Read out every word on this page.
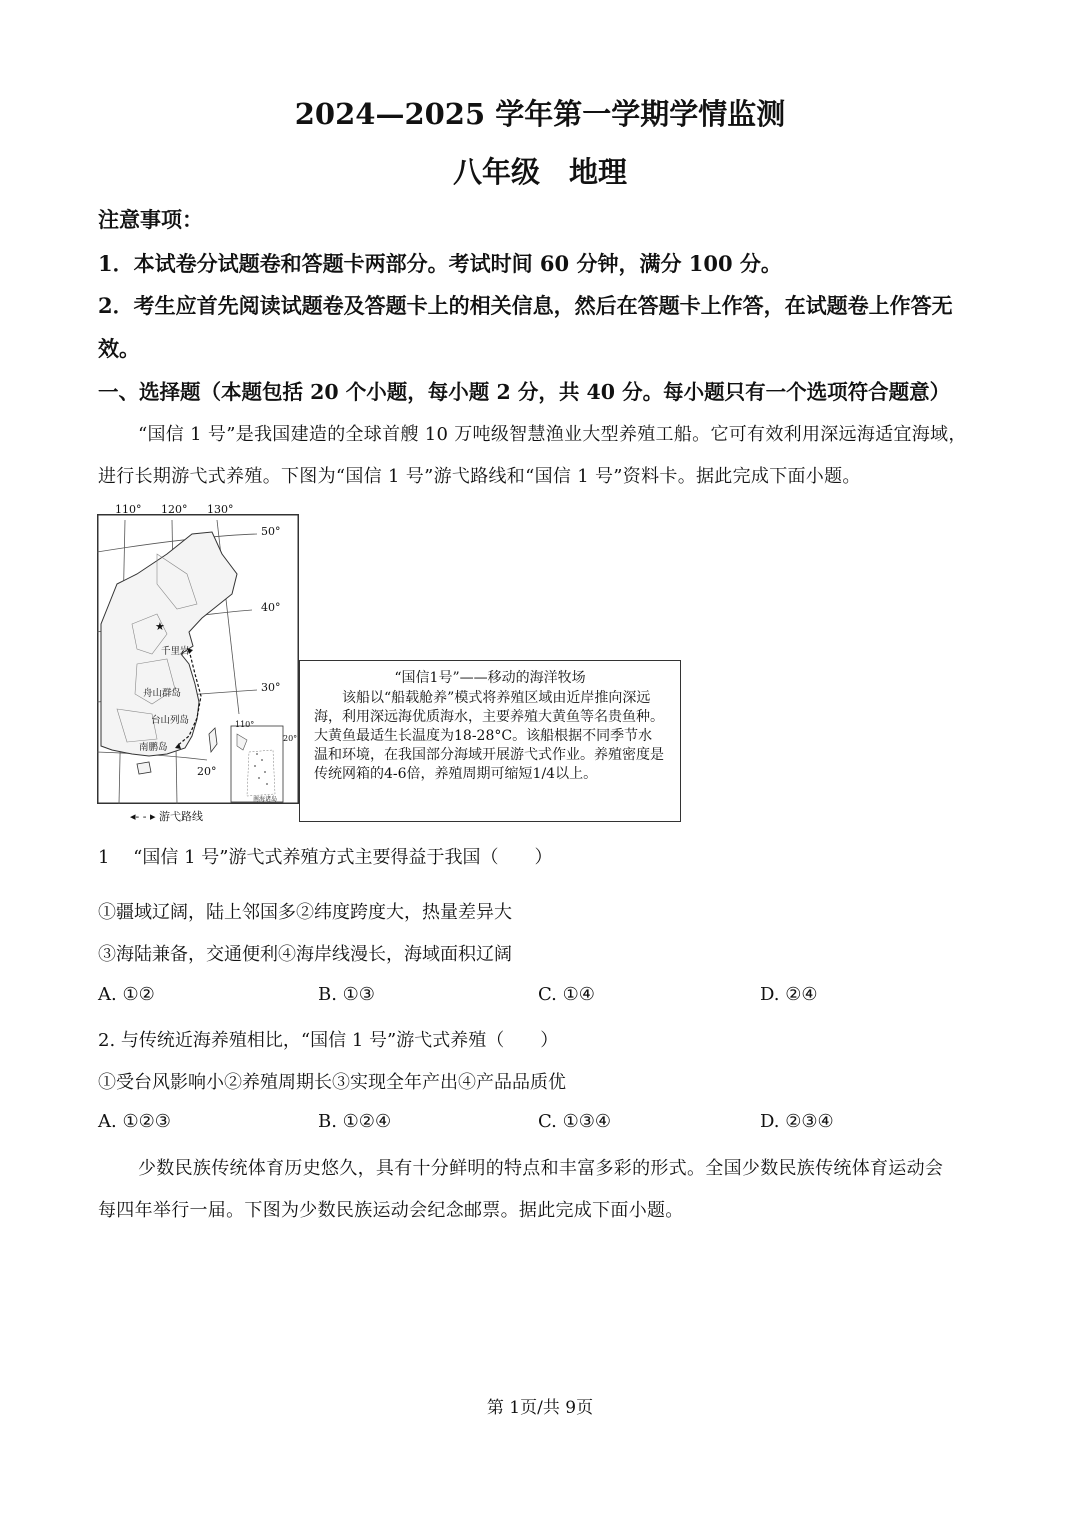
2024—2025 学年第一学期学情监测
八年级　地理

注意事项：

1．本试卷分试题卷和答题卡两部分。考试时间 60 分钟，满分 100 分。

2．考生应首先阅读试题卷及答题卡上的相关信息，然后在答题卡上作答，在试题卷上作答无

效。

一、选择题（本题包括 20 个小题，每小题 2 分，共 40 分。每小题只有一个选项符合题意）

“国信 1 号”是我国建造的全球首艘 10 万吨级智慧渔业大型养殖工船。它可有效利用深远海适宜海域，

进行长期游弋式养殖。下图为“国信 1 号”游弋路线和“国信 1 号”资料卡。据此完成下面小题。

★
110° 120° 130°
50°
40°
30°
20°
千里岩
舟山群岛
台山列岛
南鹏岛
110°
20°
南海诸岛
◂- - ▸ 游弋路线
“国信1号”——移动的海洋牧场
该船以“船载舱养”模式将养殖区域由近岸推向深远海，利用深远海优质海水，主要养殖大黄鱼等名贵鱼种。大黄鱼最适生长温度为18-28°C。该船根据不同季节水温和环境，在我国部分海域开展游弋式作业。养殖密度是传统网箱的4-6倍，养殖周期可缩短1/4以上。

1 　“国信 1 号”游弋式养殖方式主要得益于我国（　　）

①疆域辽阔，陆上邻国多②纬度跨度大，热量差异大

③海陆兼备，交通便利④海岸线漫长，海域面积辽阔

A. ①②	B. ①③	C. ①④	D. ②④

2. 与传统近海养殖相比，“国信 1 号”游弋式养殖（　　）

①受台风影响小②养殖周期长③实现全年产出④产品品质优

A. ①②③	B. ①②④	C. ①③④	D. ②③④

少数民族传统体育历史悠久，具有十分鲜明的特点和丰富多彩的形式。全国少数民族传统体育运动会

每四年举行一届。下图为少数民族运动会纪念邮票。据此完成下面小题。

第 1页/共 9页
